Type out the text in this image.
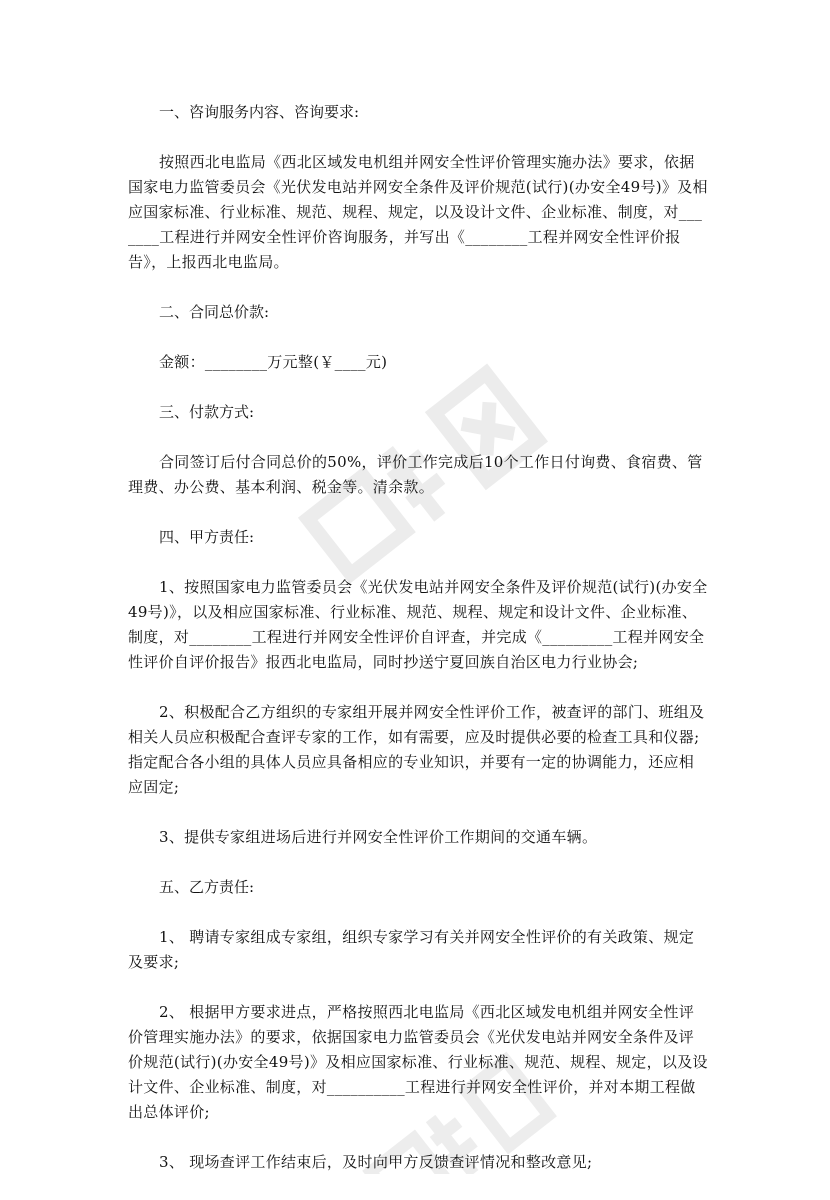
一、咨询服务内容、咨询要求:

按照西北电监局《西北区域发电机组并网安全性评价管理实施办法》要求，依据国家电力监管委员会《光伏发电站并网安全条件及评价规范(试行)(办安全49号)》及相应国家标准、行业标准、规范、规程、规定，以及设计文件、企业标准、制度，对_______工程进行并网安全性评价咨询服务，并写出《________工程并网安全性评价报告》，上报西北电监局。

二、合同总价款:

金额：________万元整(￥____元)

三、付款方式:

合同签订后付合同总价的50%，评价工作完成后10个工作日付询费、食宿费、管理费、办公费、基本利润、税金等。清余款。

四、甲方责任:

1、按照国家电力监管委员会《光伏发电站并网安全条件及评价规范(试行)(办安全49号)》，以及相应国家标准、行业标准、规范、规程、规定和设计文件、企业标准、制度，对________工程进行并网安全性评价自评查，并完成《_________工程并网安全性评价自评价报告》报西北电监局，同时抄送宁夏回族自治区电力行业协会;

2、积极配合乙方组织的专家组开展并网安全性评价工作，被查评的部门、班组及相关人员应积极配合查评专家的工作，如有需要，应及时提供必要的检查工具和仪器;指定配合各小组的具体人员应具备相应的专业知识，并要有一定的协调能力，还应相应固定;

3、提供专家组进场后进行并网安全性评价工作期间的交通车辆。

五、乙方责任:

1、 聘请专家组成专家组，组织专家学习有关并网安全性评价的有关政策、规定及要求;

2、 根据甲方要求进点，严格按照西北电监局《西北区域发电机组并网安全性评价管理实施办法》的要求，依据国家电力监管委员会《光伏发电站并网安全条件及评价规范(试行)(办安全49号)》及相应国家标准、行业标准、规范、规程、规定，以及设计文件、企业标准、制度，对__________工程进行并网安全性评价，并对本期工程做出总体评价;

3、 现场查评工作结束后，及时向甲方反馈查评情况和整改意见;
